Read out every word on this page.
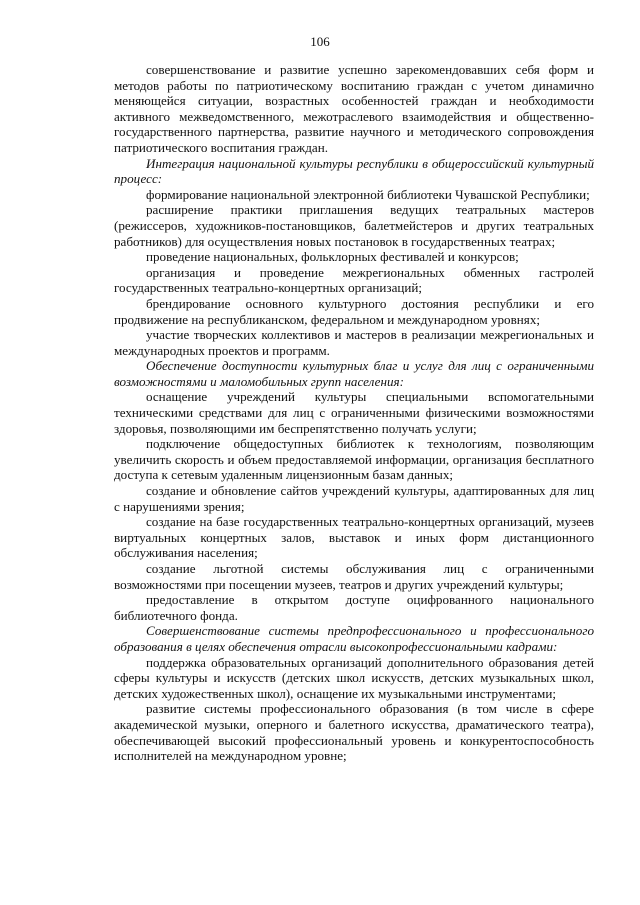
106

совершенствование и развитие успешно зарекомендовавших себя форм и методов работы по патриотическому воспитанию граждан с учетом динамично меняющейся ситуации, возрастных особенностей граждан и необходимости активного межведомственного, межотраслевого взаимодействия и общественно-государственного партнерства, развитие научного и методического сопровождения патриотического воспитания граждан.

Интеграция национальной культуры республики в общероссийский культурный процесс:

формирование национальной электронной библиотеки Чувашской Республики;

расширение практики приглашения ведущих театральных мастеров (режиссеров, художников-постановщиков, балетмейстеров и других театральных работников) для осуществления новых постановок в государственных театрах;

проведение национальных, фольклорных фестивалей и конкурсов;

организация и проведение межрегиональных обменных гастролей государственных театрально-концертных организаций;

брендирование основного культурного достояния республики и его продвижение на республиканском, федеральном и международном уровнях;

участие творческих коллективов и мастеров в реализации межрегиональных и международных проектов и программ.

Обеспечение доступности культурных благ и услуг для лиц с ограниченными возможностями и маломобильных групп населения:

оснащение учреждений культуры специальными вспомогательными техническими средствами для лиц с ограниченными физическими возможностями здоровья, позволяющими им беспрепятственно получать услуги;

подключение общедоступных библиотек к технологиям, позволяющим увеличить скорость и объем предоставляемой информации, организация бесплатного доступа к сетевым удаленным лицензионным базам данных;

создание и обновление сайтов учреждений культуры, адаптированных для лиц с нарушениями зрения;

создание на базе государственных театрально-концертных организаций, музеев виртуальных концертных залов, выставок и иных форм дистанционного обслуживания населения;

создание льготной системы обслуживания лиц с ограниченными возможностями при посещении музеев, театров и других учреждений культуры;

предоставление в открытом доступе оцифрованного национального библиотечного фонда.

Совершенствование системы предпрофессионального и профессионального образования в целях обеспечения отрасли высокопрофессиональными кадрами:

поддержка образовательных организаций дополнительного образования детей сферы культуры и искусств (детских школ искусств, детских музыкальных школ, детских художественных школ), оснащение их музыкальными инструментами;

развитие системы профессионального образования (в том числе в сфере академической музыки, оперного и балетного искусства, драматического театра), обеспечивающей высокий профессиональный уровень и конкурентоспособность исполнителей на международном уровне;
